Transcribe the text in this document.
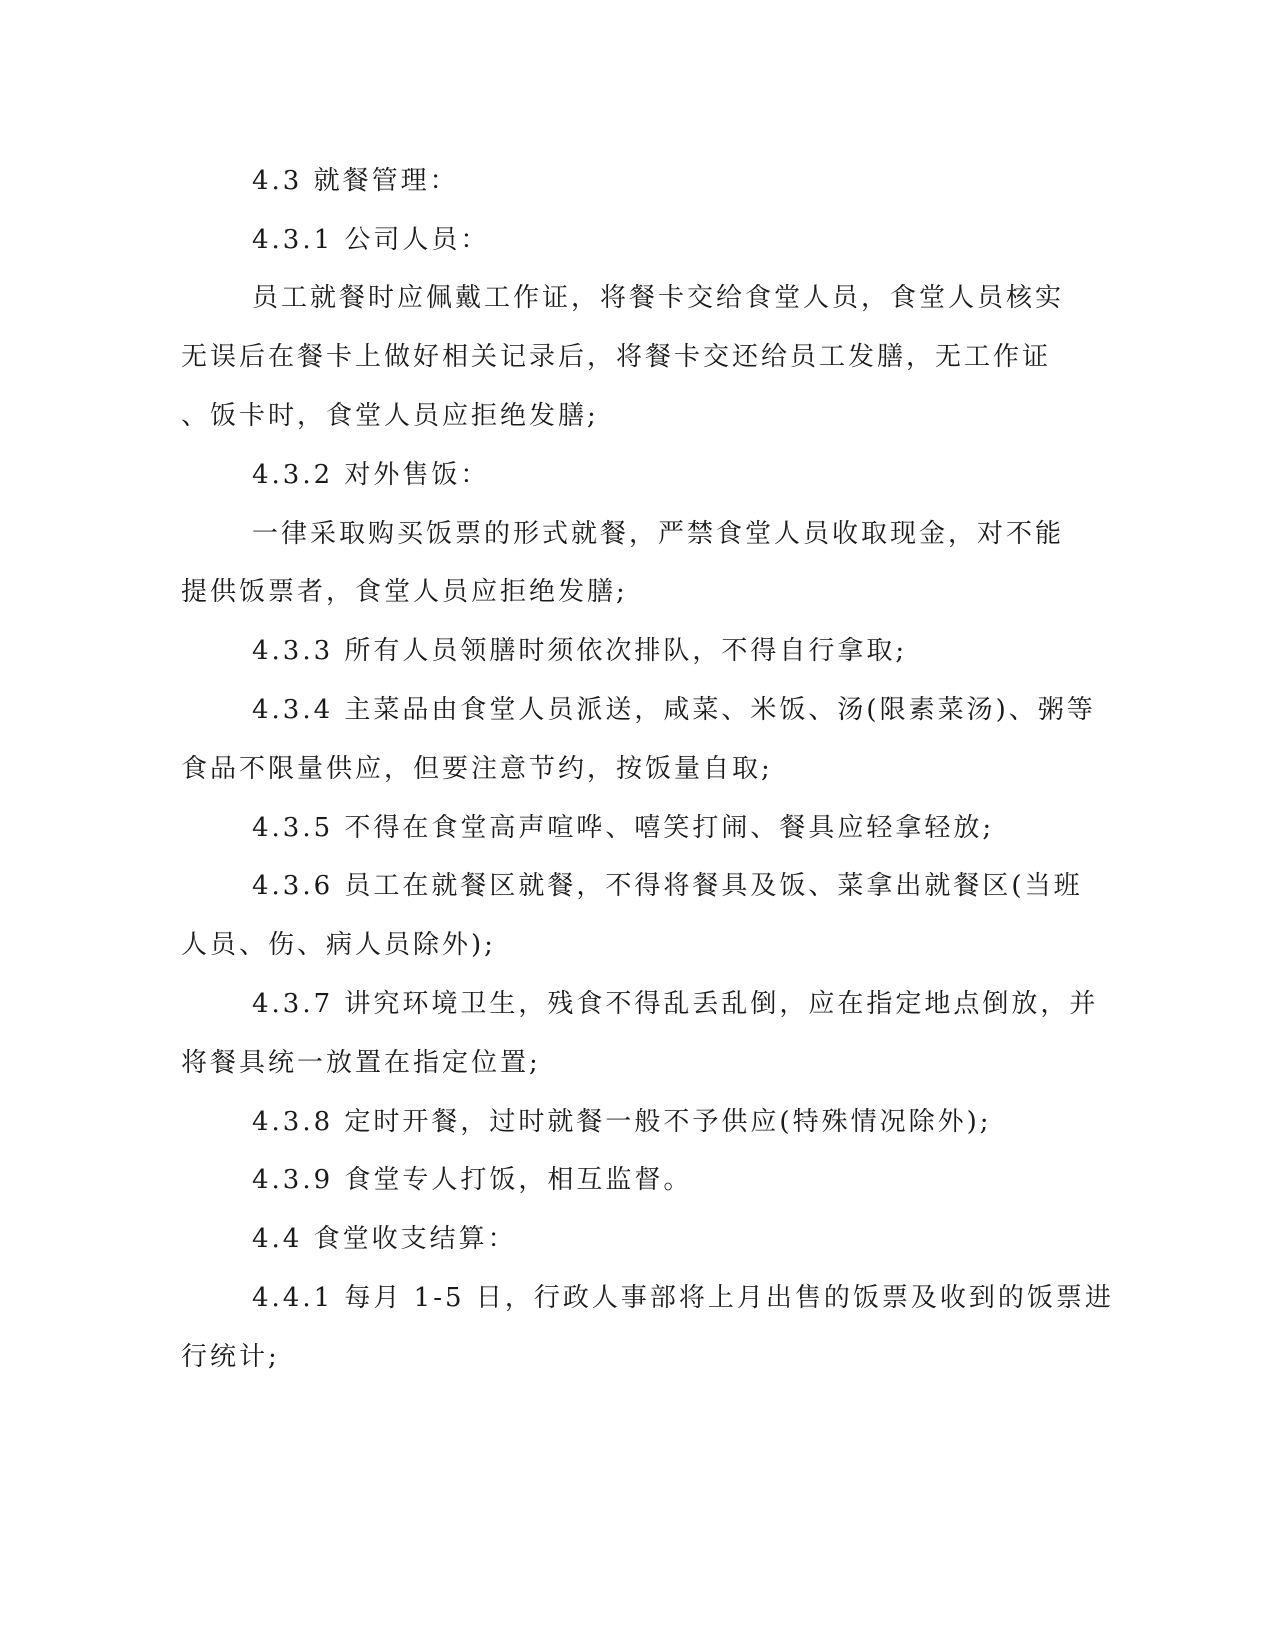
4.3 就餐管理：
4.3.1 公司人员：
员工就餐时应佩戴工作证，将餐卡交给食堂人员，食堂人员核实
无误后在餐卡上做好相关记录后，将餐卡交还给员工发膳，无工作证
、饭卡时，食堂人员应拒绝发膳;
4.3.2 对外售饭：
一律采取购买饭票的形式就餐，严禁食堂人员收取现金，对不能
提供饭票者，食堂人员应拒绝发膳;
4.3.3 所有人员领膳时须依次排队，不得自行拿取;
4.3.4 主菜品由食堂人员派送，咸菜、米饭、汤(限素菜汤)、粥等
食品不限量供应，但要注意节约，按饭量自取;
4.3.5 不得在食堂高声喧哗、嘻笑打闹、餐具应轻拿轻放;
4.3.6 员工在就餐区就餐，不得将餐具及饭、菜拿出就餐区(当班
人员、伤、病人员除外);
4.3.7 讲究环境卫生，残食不得乱丢乱倒，应在指定地点倒放，并
将餐具统一放置在指定位置;
4.3.8 定时开餐，过时就餐一般不予供应(特殊情况除外);
4.3.9 食堂专人打饭，相互监督。
4.4 食堂收支结算：
4.4.1 每月 1-5 日，行政人事部将上月出售的饭票及收到的饭票进
行统计;
